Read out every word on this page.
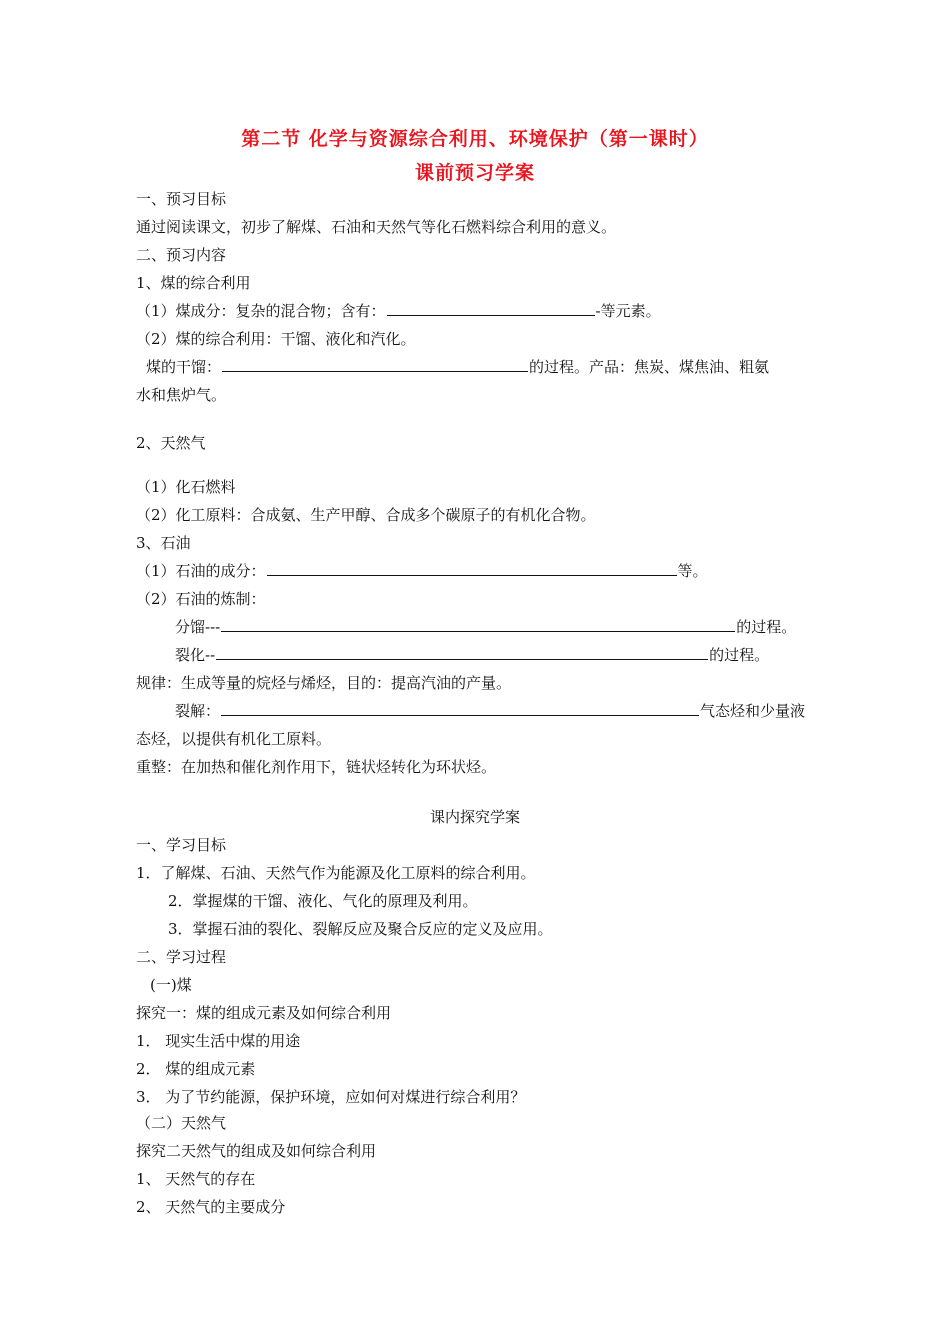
第二节 化学与资源综合利用、环境保护（第一课时）
课前预习学案
一、预习目标
通过阅读课文，初步了解煤、石油和天然气等化石燃料综合利用的意义。
二、预习内容
1、煤的综合利用
（1）煤成分：复杂的混合物；含有：	-等元素。
（2）煤的综合利用：干馏、液化和汽化。
煤的干馏：	的过程。产品：焦炭、煤焦油、粗氨
水和焦炉气。
2、天然气
（1）化石燃料
（2）化工原料：合成氨、生产甲醇、合成多个碳原子的有机化合物。
3、石油
（1）石油的成分：	等。
（2）石油的炼制：
分馏---	的过程。
裂化--	的过程。
规律：生成等量的烷烃与烯烃，目的：提高汽油的产量。
裂解：	气态烃和少量液
态烃，以提供有机化工原料。
重整：在加热和催化剂作用下，链状烃转化为环状烃。
课内探究学案
一、学习目标
1．了解煤、石油、天然气作为能源及化工原料的综合利用。
2．掌握煤的干馏、液化、气化的原理及利用。
3．掌握石油的裂化、裂解反应及聚合反应的定义及应用。
二、学习过程
(一)煤
探究一：煤的组成元素及如何综合利用
1． 现实生活中煤的用途
2． 煤的组成元素
3． 为了节约能源，保护环境，应如何对煤进行综合利用？
（二）天然气
探究二天然气的组成及如何综合利用
1、 天然气的存在
2、 天然气的主要成分
